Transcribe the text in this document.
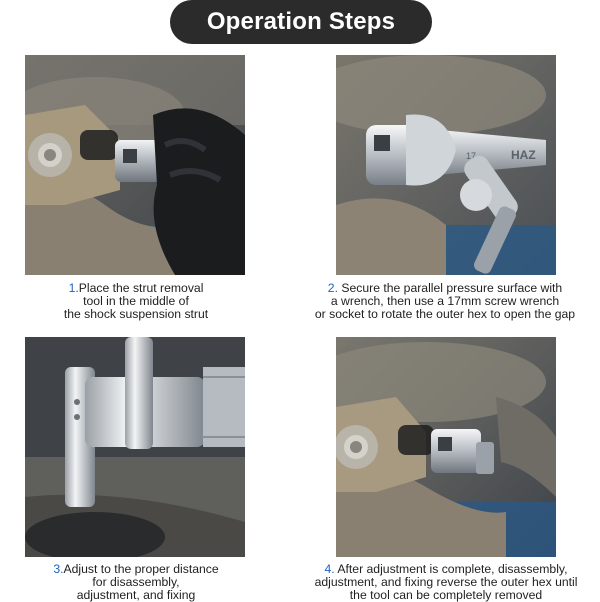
Operation Steps
17	HAZ
1.Place the strut removal
tool in the middle of
the shock suspension strut
2. Secure the parallel pressure surface with
a wrench, then use a 17mm screw wrench
or socket to rotate the outer hex to open the gap
3.Adjust to the proper distance
for disassembly,
adjustment, and fixing
4. After adjustment is complete, disassembly,
adjustment, and fixing reverse the outer hex until
the tool can be completely removed
